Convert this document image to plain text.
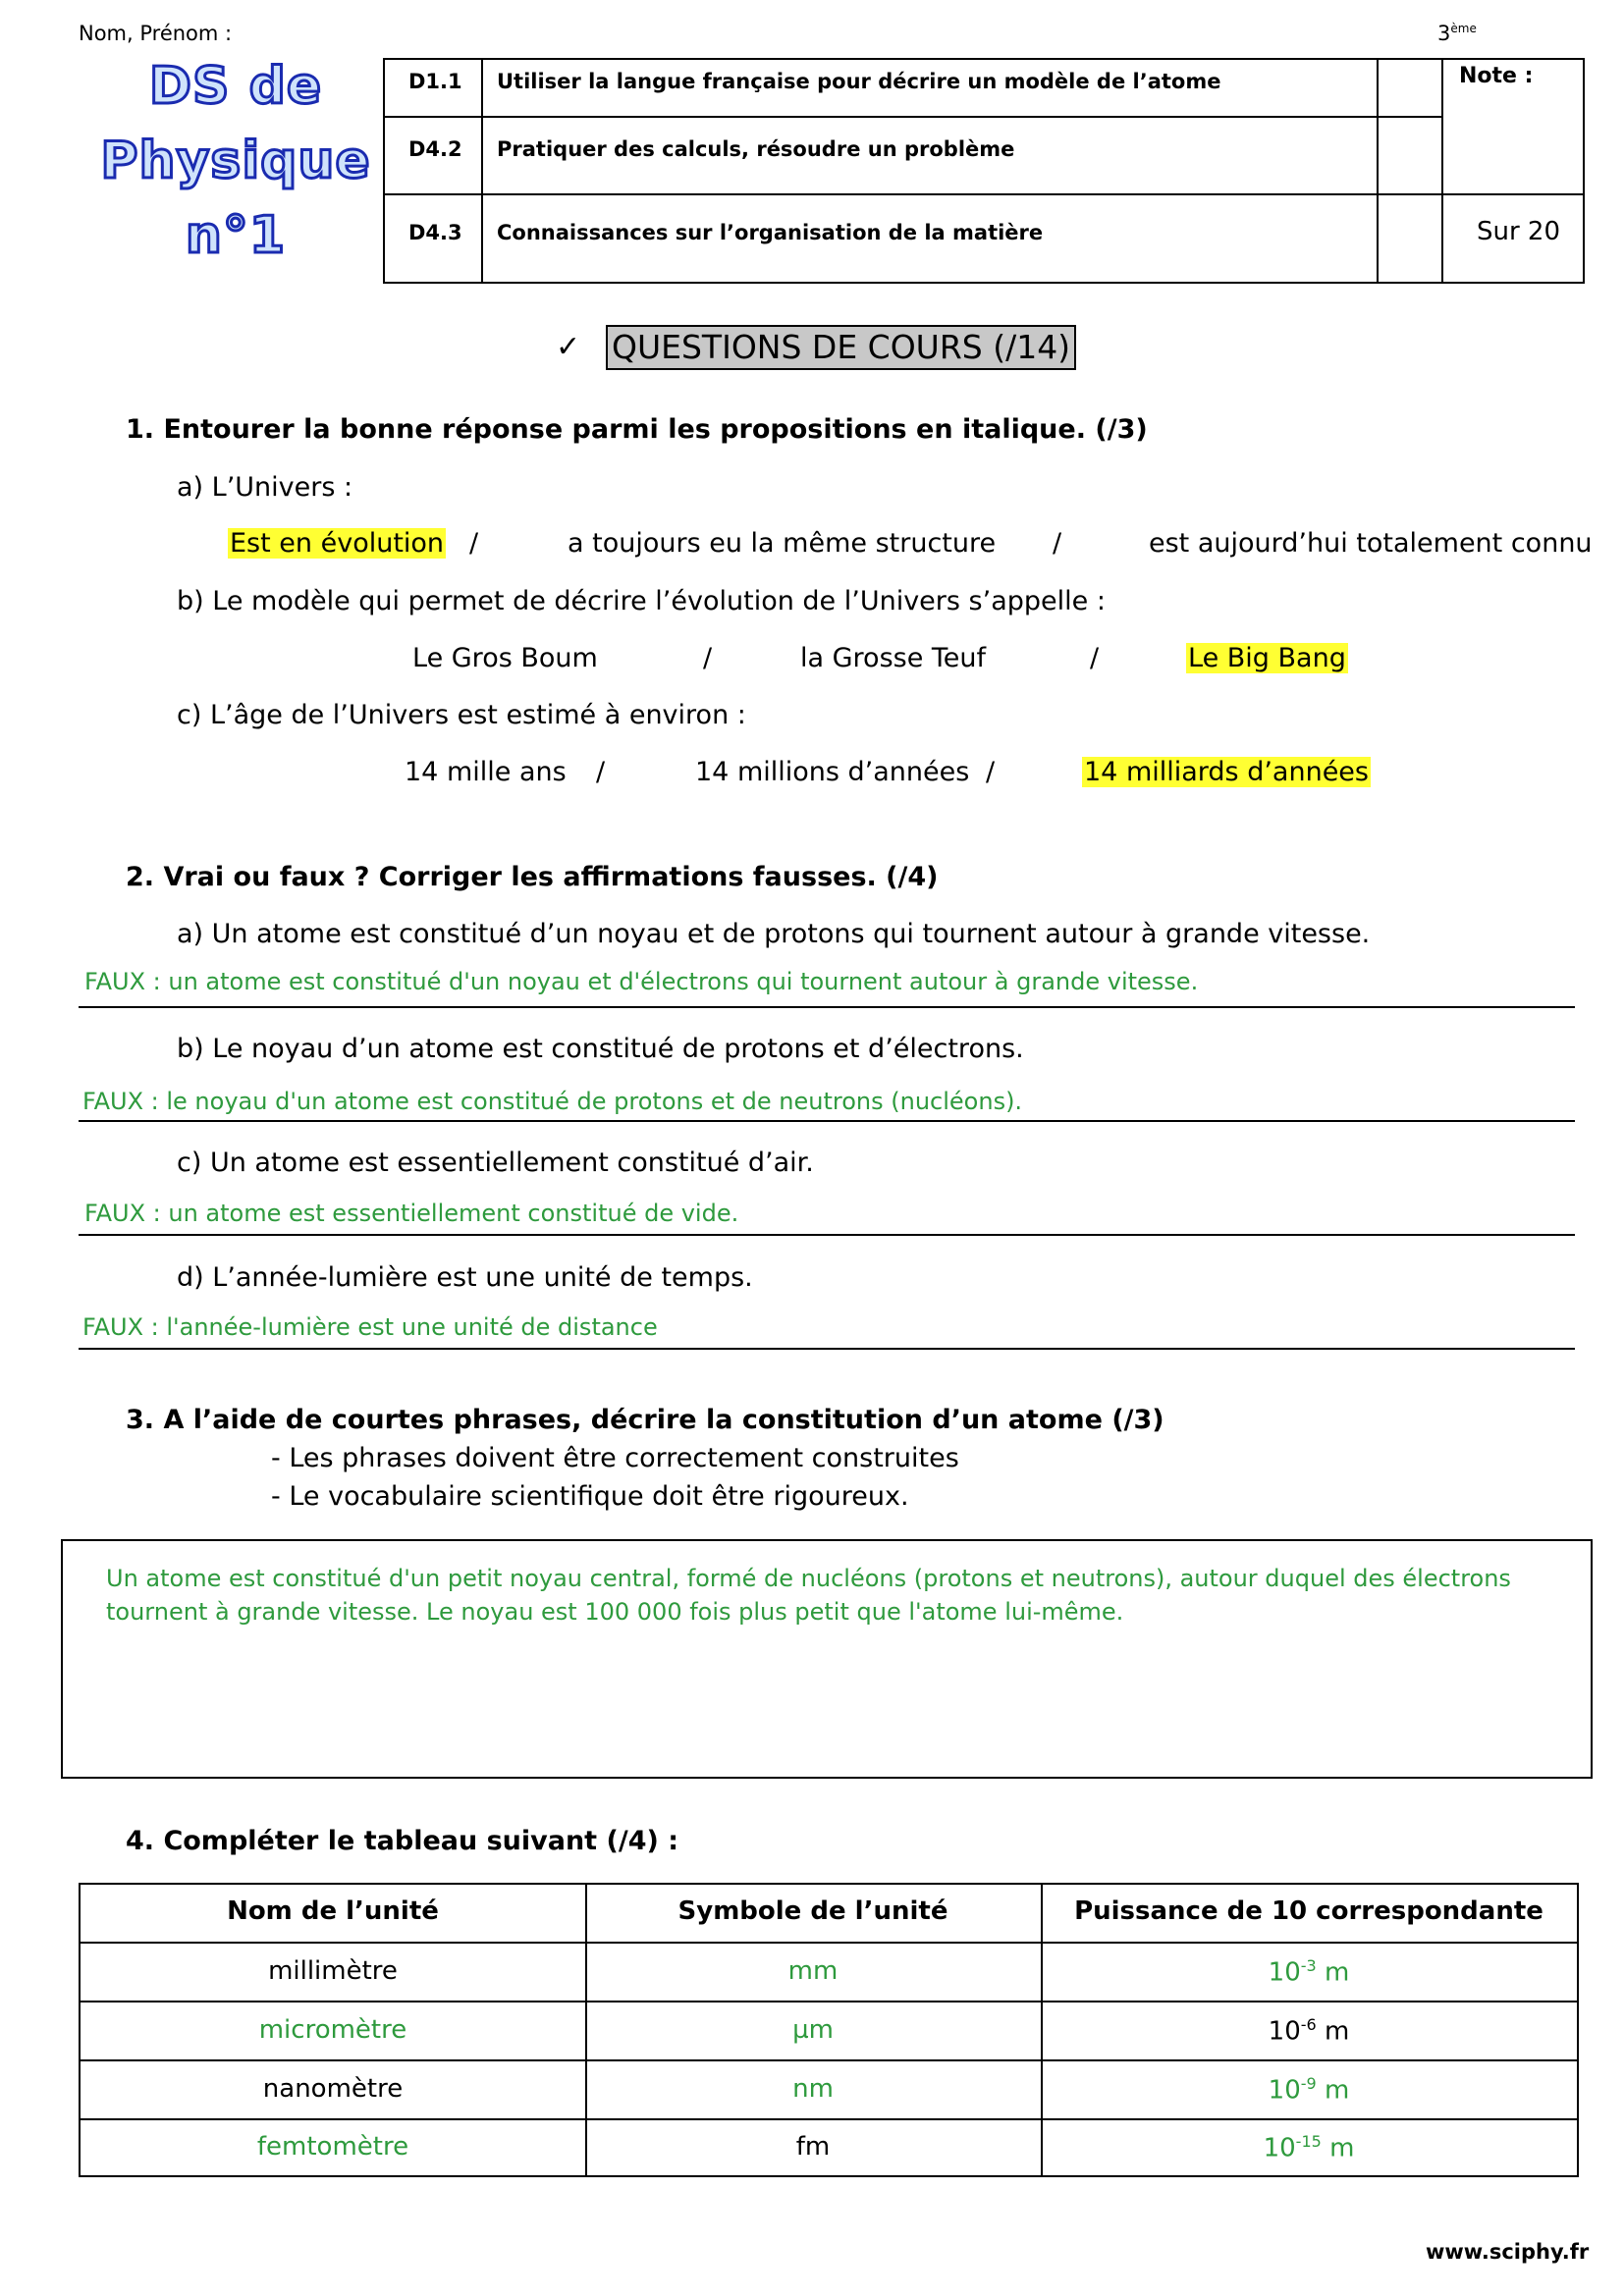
Nom, Prénom :	3ème
DS de
Physique
n°1
D1.1 Utiliser la langue française pour décrire un modèle de l’atome
D4.2 Pratiquer des calculs, résoudre un problème
D4.3 Connaissances sur l’organisation de la matière
Note :
Sur 20
✓ QUESTIONS DE COURS (/14)
1. Entourer la bonne réponse parmi les propositions en italique. (/3)
a) L’Univers :
Est en évolution /	a toujours eu la même structure /	est aujourd’hui totalement connu
b) Le modèle qui permet de décrire l’évolution de l’Univers s’appelle :
Le Gros Boum	/	la Grosse Teuf	/	Le Big Bang
c) L’âge de l’Univers est estimé à environ :
14 mille ans /	14 millions d’années /	14 milliards d’années
2. Vrai ou faux ? Corriger les affirmations fausses. (/4)
a) Un atome est constitué d’un noyau et de protons qui tournent autour à grande vitesse.
FAUX : un atome est constitué d'un noyau et d'électrons qui tournent autour à grande vitesse.
b) Le noyau d’un atome est constitué de protons et d’électrons.
FAUX : le noyau d'un atome est constitué de protons et de neutrons (nucléons).
c) Un atome est essentiellement constitué d’air.
FAUX : un atome est essentiellement constitué de vide.
d) L’année-lumière est une unité de temps.
FAUX : l'année-lumière est une unité de distance
3. A l’aide de courtes phrases, décrire la constitution d’un atome (/3)
- Les phrases doivent être correctement construites
- Le vocabulaire scientifique doit être rigoureux.
Un atome est constitué d'un petit noyau central, formé de nucléons (protons et neutrons), autour duquel des électrons
tournent à grande vitesse. Le noyau est 100 000 fois plus petit que l'atome lui-même.
4. Compléter le tableau suivant (/4) :
Nom de l’unité	Symbole de l’unité	Puissance de 10 correspondante
millimètre	mm	$10^{-3}$ m
micromètre	µm	$10^{-6}$ m
nanomètre	nm	$10^{-9}$ m
femtomètre	fm	$10^{-15}$ m
www.sciphy.fr
